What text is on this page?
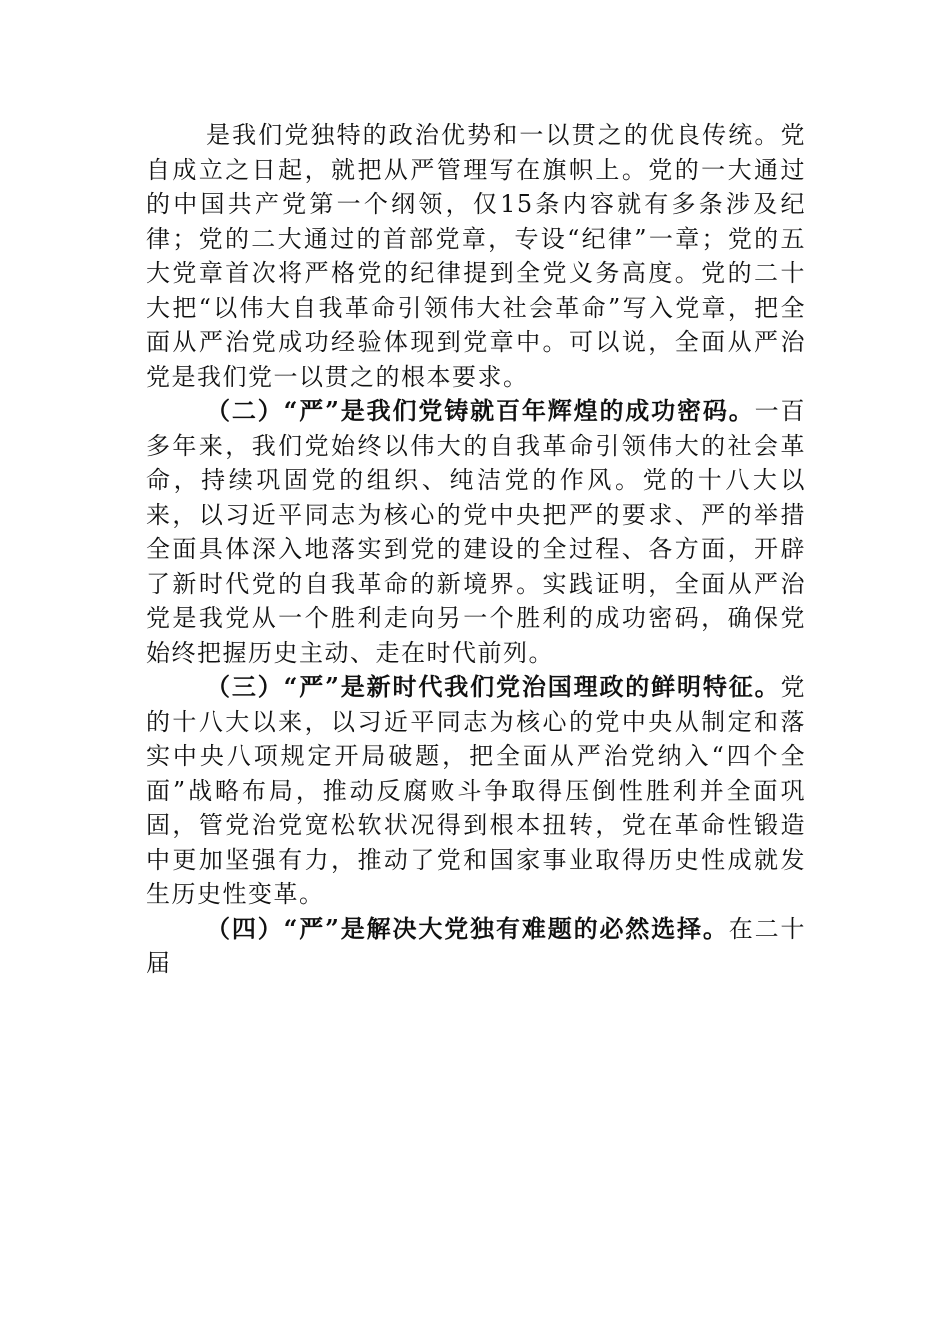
是我们党独特的政治优势和一以贯之的优良传统。党自成立之日起，就把从严管理写在旗帜上。党的一大通过的中国共产党第一个纲领，仅15条内容就有多条涉及纪律；党的二大通过的首部党章，专设“纪律”一章；党的五大党章首次将严格党的纪律提到全党义务高度。党的二十大把“以伟大自我革命引领伟大社会革命”写入党章，把全面从严治党成功经验体现到党章中。可以说，全面从严治党是我们党一以贯之的根本要求。

（二）“严”是我们党铸就百年辉煌的成功密码。一百多年来，我们党始终以伟大的自我革命引领伟大的社会革命，持续巩固党的组织、纯洁党的作风。党的十八大以来，以习近平同志为核心的党中央把严的要求、严的举措全面具体深入地落实到党的建设的全过程、各方面，开辟了新时代党的自我革命的新境界。实践证明，全面从严治党是我党从一个胜利走向另一个胜利的成功密码，确保党始终把握历史主动、走在时代前列。

（三）“严”是新时代我们党治国理政的鲜明特征。党的十八大以来，以习近平同志为核心的党中央从制定和落实中央八项规定开局破题，把全面从严治党纳入“四个全面”战略布局，推动反腐败斗争取得压倒性胜利并全面巩固，管党治党宽松软状况得到根本扭转，党在革命性锻造中更加坚强有力，推动了党和国家事业取得历史性成就发生历史性变革。

（四）“严”是解决大党独有难题的必然选择。在二十届
